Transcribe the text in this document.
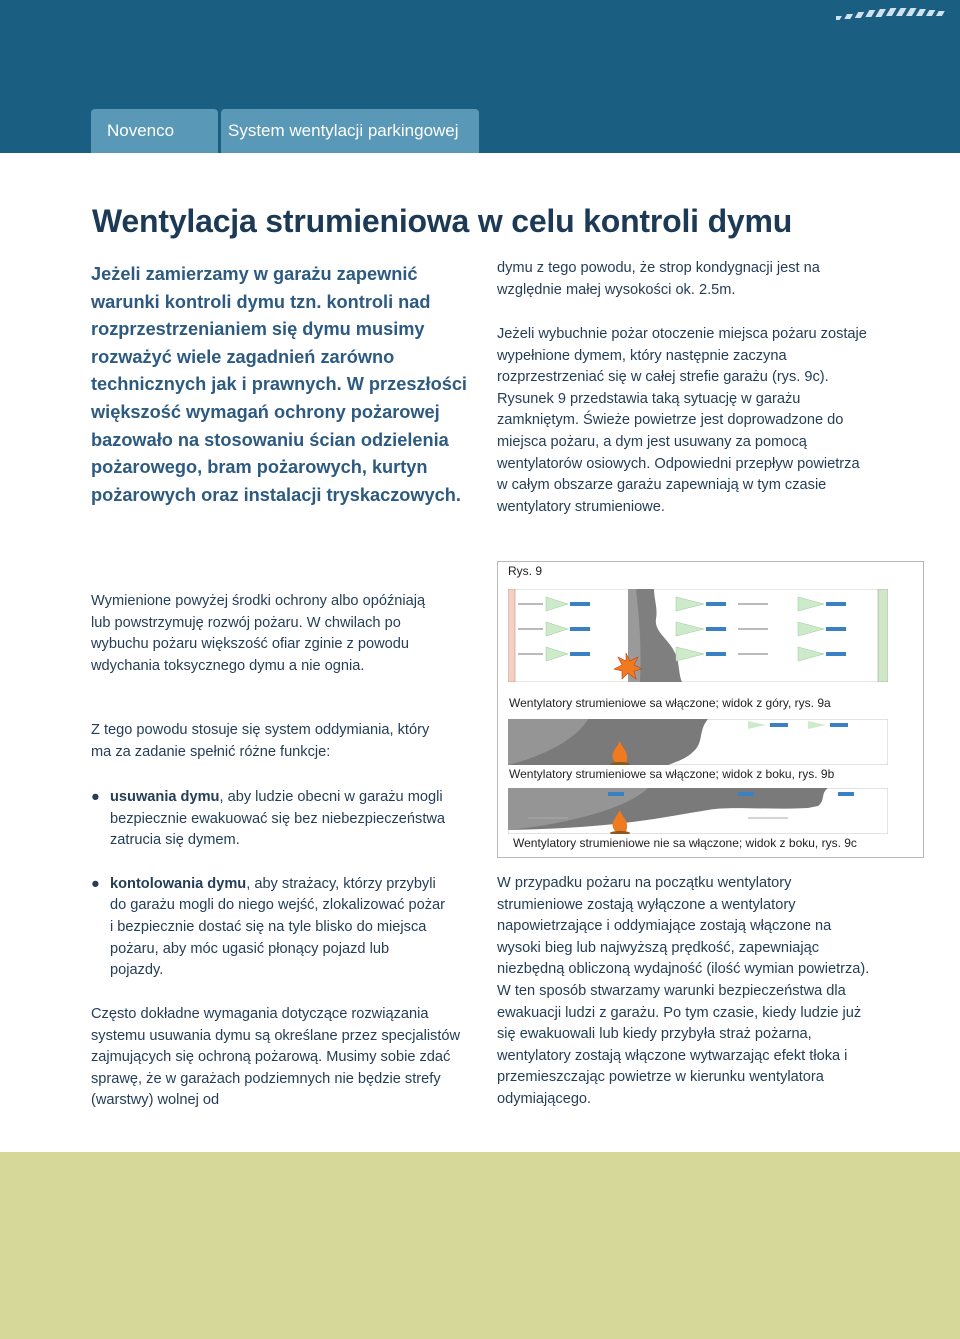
Novenco	System wentylacji parkingowej
Wentylacja strumieniowa w celu kontroli dymu

Jeżeli zamierzamy w garażu zapewnić warunki kontroli dymu tzn. kontroli nad rozprzestrzenianiem się dymu musimy rozważyć wiele zagadnień zarówno technicznych jak i prawnych. W przeszłości większość wymagań ochrony pożarowej bazowało na stosowaniu ścian odzielenia pożarowego, bram pożarowych, kurtyn pożarowych oraz instalacji tryskaczowych.

Wymienione powyżej środki ochrony albo opóźniają lub powstrzymuję rozwój pożaru. W chwilach po wybuchu pożaru większość ofiar zginie z powodu wdychania toksycznego dymu a nie ognia.

Z tego powodu stosuje się system oddymiania, który ma za zadanie spełnić różne funkcje:

● usuwania dymu, aby ludzie obecni w garażu mogli bezpiecznie ewakuować się bez niebezpieczeństwa zatrucia się dymem.
● kontolowania dymu, aby strażacy, którzy przybyli do garażu mogli do niego wejść, zlokalizować pożar i bezpiecznie dostać się na tyle blisko do miejsca pożaru, aby móc ugasić płonący pojazd lub pojazdy.

Często dokładne wymagania dotyczące rozwiązania systemu usuwania dymu są określane przez specjalistów zajmujących się ochroną pożarową. Musimy sobie zdać sprawę, że w garażach podziemnych nie będzie strefy (warstwy) wolnej od

dymu z tego powodu, że strop kondygnacji jest na względnie małej wysokości ok. 2.5m.

Jeżeli wybuchnie pożar otoczenie miejsca pożaru zostaje wypełnione dymem, który następnie zaczyna rozprzestrzeniać się w całej strefie garażu (rys. 9c). Rysunek 9 przedstawia taką sytuację w garażu zamkniętym. Świeże powietrze jest doprowadzone do miejsca pożaru, a dym jest usuwany za pomocą wentylatorów osiowych. Odpowiedni przepływ powietrza w całym obszarze garażu zapewniają w tym czasie wentylatory strumieniowe.

Rys. 9
Wentylatory strumieniowe sa włączone; widok z góry, rys. 9a
Wentylatory strumieniowe sa włączone; widok z boku, rys. 9b
Wentylatory strumieniowe nie sa włączone; widok z boku, rys. 9c

W przypadku pożaru na początku wentylatory strumieniowe zostają wyłączone a wentylatory napowietrzające i oddymiające zostają włączone na wysoki bieg lub najwyższą prędkość, zapewniając niezbędną obliczoną wydajność (ilość wymian powietrza). W ten sposób stwarzamy warunki bezpieczeństwa dla ewakuacji ludzi z garażu. Po tym czasie, kiedy ludzie już się ewakuowali lub kiedy przybyła straż pożarna, wentylatory zostają włączone wytwarzając efekt tłoka i przemieszczając powietrze w kierunku wentylatora odymiającego.
